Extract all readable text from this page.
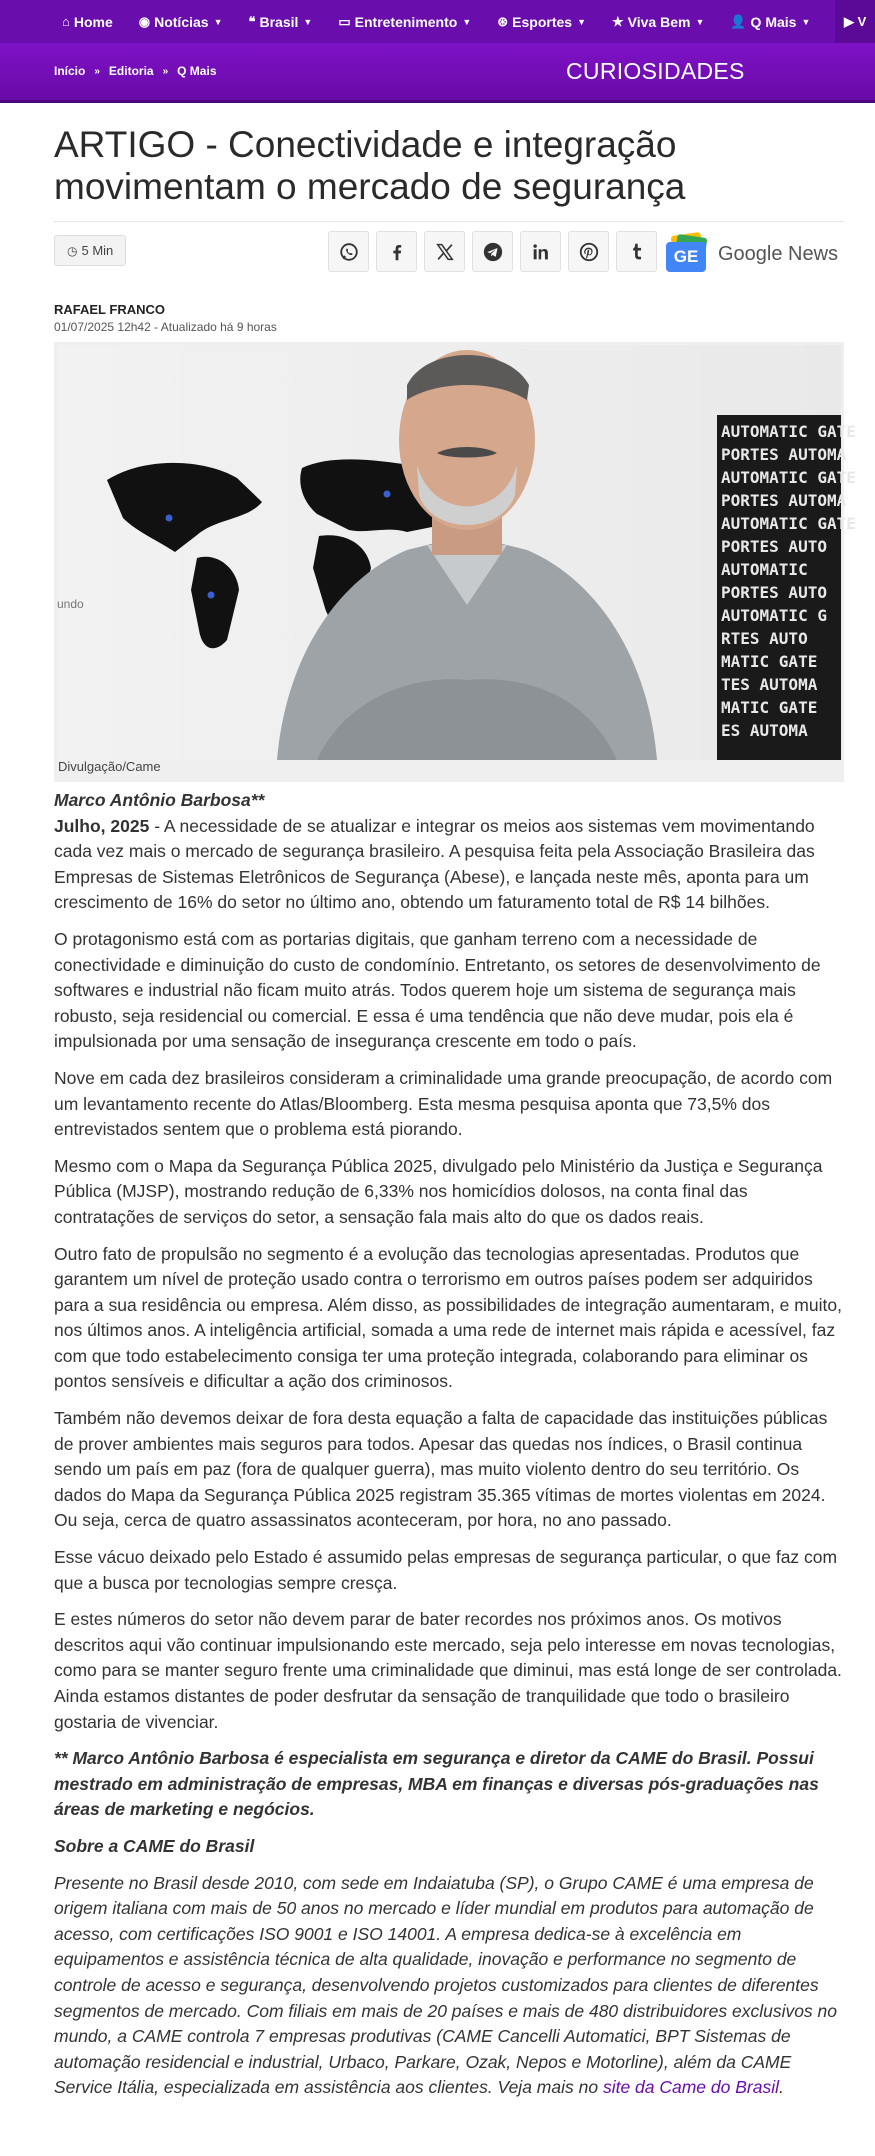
⌂ Home ◉ Notícias ▼ ❝ Brasil ▼ ▭ Entretenimento ▼ ⊛ Esportes ▼ ★ Viva Bem ▼ 👤 Q Mais ▼	▶ V
Início » Editoria » Q Mais	CURIOSIDADES
ARTIGO - Conectividade e integração movimentam o mercado de segurança
◷ 5 Min	GE Google News
RAFAEL FRANCO
01/07/2025 12h42 - Atualizado há 9 horas
undo
AUTOMATIC GATE
PORTES AUTOMA
AUTOMATIC GATE
PORTES AUTOMA
AUTOMATIC GATE
PORTES AUTO
AUTOMATIC
PORTES AUTO
AUTOMATIC G
RTES AUTO
MATIC GATE
TES AUTOMA
MATIC GATE
ES AUTOMA
Divulgação/Came

Marco Antônio Barbosa**

Julho, 2025 - A necessidade de se atualizar e integrar os meios aos sistemas vem movimentando cada vez mais o mercado de segurança brasileiro. A pesquisa feita pela Associação Brasileira das Empresas de Sistemas Eletrônicos de Segurança (Abese), e lançada neste mês, aponta para um crescimento de 16% do setor no último ano, obtendo um faturamento total de R$ 14 bilhões.

O protagonismo está com as portarias digitais, que ganham terreno com a necessidade de conectividade e diminuição do custo de condomínio. Entretanto, os setores de desenvolvimento de softwares e industrial não ficam muito atrás. Todos querem hoje um sistema de segurança mais robusto, seja residencial ou comercial. E essa é uma tendência que não deve mudar, pois ela é impulsionada por uma sensação de insegurança crescente em todo o país.

Nove em cada dez brasileiros consideram a criminalidade uma grande preocupação, de acordo com um levantamento recente do Atlas/Bloomberg. Esta mesma pesquisa aponta que 73,5% dos entrevistados sentem que o problema está piorando.

Mesmo com o Mapa da Segurança Pública 2025, divulgado pelo Ministério da Justiça e Segurança Pública (MJSP), mostrando redução de 6,33% nos homicídios dolosos, na conta final das contratações de serviços do setor, a sensação fala mais alto do que os dados reais.

Outro fato de propulsão no segmento é a evolução das tecnologias apresentadas. Produtos que garantem um nível de proteção usado contra o terrorismo em outros países podem ser adquiridos para a sua residência ou empresa. Além disso, as possibilidades de integração aumentaram, e muito, nos últimos anos. A inteligência artificial, somada a uma rede de internet mais rápida e acessível, faz com que todo estabelecimento consiga ter uma proteção integrada, colaborando para eliminar os pontos sensíveis e dificultar a ação dos criminosos.

Também não devemos deixar de fora desta equação a falta de capacidade das instituições públicas de prover ambientes mais seguros para todos. Apesar das quedas nos índices, o Brasil continua sendo um país em paz (fora de qualquer guerra), mas muito violento dentro do seu território. Os dados do Mapa da Segurança Pública 2025 registram 35.365 vítimas de mortes violentas em 2024. Ou seja, cerca de quatro assassinatos aconteceram, por hora, no ano passado.

Esse vácuo deixado pelo Estado é assumido pelas empresas de segurança particular, o que faz com que a busca por tecnologias sempre cresça.

E estes números do setor não devem parar de bater recordes nos próximos anos. Os motivos descritos aqui vão continuar impulsionando este mercado, seja pelo interesse em novas tecnologias, como para se manter seguro frente uma criminalidade que diminui, mas está longe de ser controlada. Ainda estamos distantes de poder desfrutar da sensação de tranquilidade que todo o brasileiro gostaria de vivenciar.

** Marco Antônio Barbosa é especialista em segurança e diretor da CAME do Brasil. Possui mestrado em administração de empresas, MBA em finanças e diversas pós-graduações nas áreas de marketing e negócios.

Sobre a CAME do Brasil

Presente no Brasil desde 2010, com sede em Indaiatuba (SP), o Grupo CAME é uma empresa de origem italiana com mais de 50 anos no mercado e líder mundial em produtos para automação de acesso, com certificações ISO 9001 e ISO 14001. A empresa dedica-se à excelência em equipamentos e assistência técnica de alta qualidade, inovação e performance no segmento de controle de acesso e segurança, desenvolvendo projetos customizados para clientes de diferentes segmentos de mercado. Com filiais em mais de 20 países e mais de 480 distribuidores exclusivos no mundo, a CAME controla 7 empresas produtivas (CAME Cancelli Automatici, BPT Sistemas de automação residencial e industrial, Urbaco, Parkare, Ozak, Nepos e Motorline), além da CAME Service Itália, especializada em assistência aos clientes. Veja mais no site da Came do Brasil.
